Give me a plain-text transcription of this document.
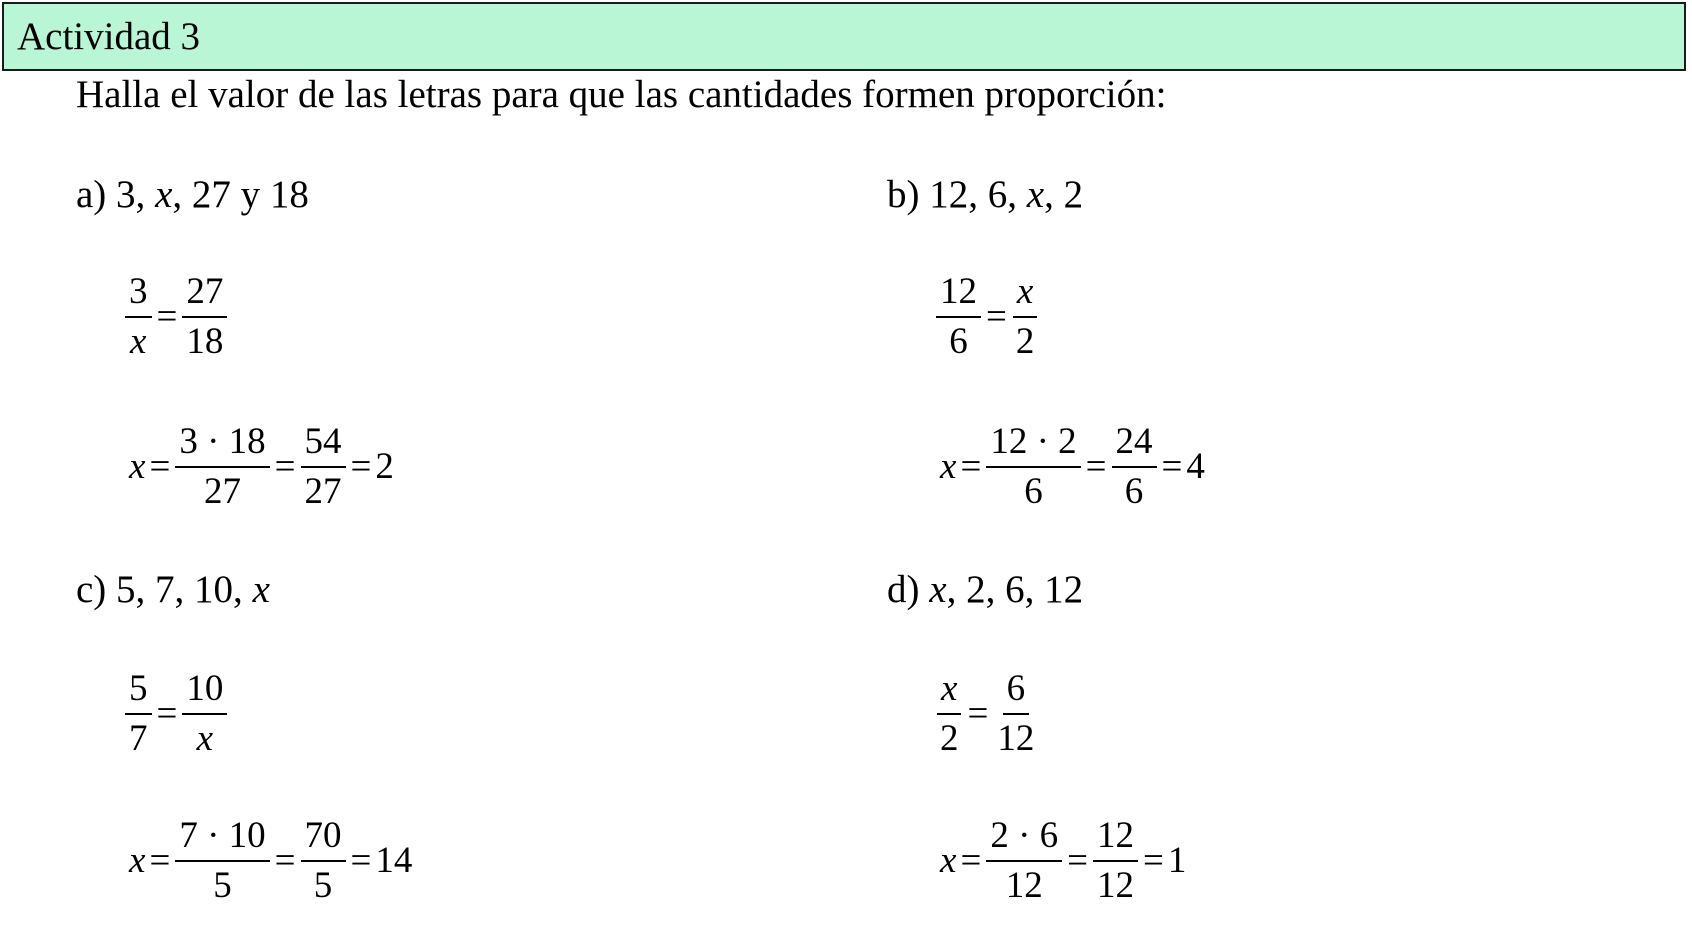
Actividad 3
Halla el valor de las letras para que las cantidades formen proporción:
a) 3, x, 27 y 18
$\frac{3}{x} = \frac{27}{18}$
$x = \frac{3 \cdot 18}{27} = \frac{54}{27} = 2$
b) 12, 6, x, 2
$\frac{12}{6} = \frac{x}{2}$
$x = \frac{12 \cdot 2}{6} = \frac{24}{6} = 4$
c) 5, 7, 10, x
$\frac{5}{7} = \frac{10}{x}$
$x = \frac{7 \cdot 10}{5} = \frac{70}{5} = 14$
d) x, 2, 6, 12
$\frac{x}{2} = \frac{6}{12}$
$x = \frac{2 \cdot 6}{12} = \frac{12}{12} = 1$
